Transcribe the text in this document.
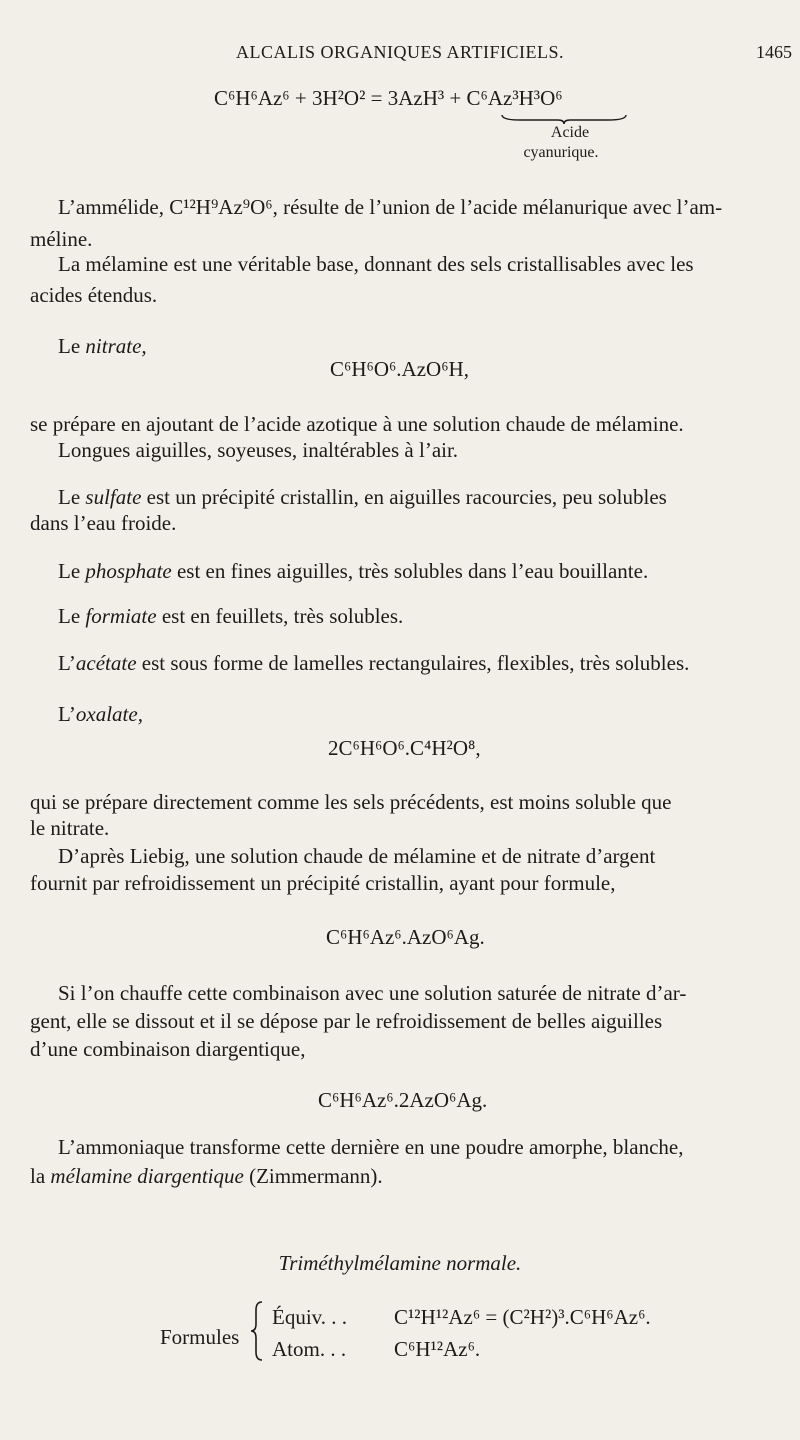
ALCALIS ORGANIQUES ARTIFICIELS.	1465
C⁶H⁶Az⁶ + 3H²O² = 3AzH³ + C⁶Az³H³O⁶
Acide
cyanurique.
L’ammélide, C¹²H⁹Az⁹O⁶, résulte de l’union de l’acide mélanurique avec l’am-
méline.
La mélamine est une véritable base, donnant des sels cristallisables avec les
acides étendus.
Le nitrate,
C⁶H⁶O⁶.AzO⁶H,
se prépare en ajoutant de l’acide azotique à une solution chaude de mélamine.
Longues aiguilles, soyeuses, inaltérables à l’air.
Le sulfate est un précipité cristallin, en aiguilles racourcies, peu solubles
dans l’eau froide.
Le phosphate est en fines aiguilles, très solubles dans l’eau bouillante.
Le formiate est en feuillets, très solubles.
L’acétate est sous forme de lamelles rectangulaires, flexibles, très solubles.
L’oxalate,
2C⁶H⁶O⁶.C⁴H²O⁸,
qui se prépare directement comme les sels précédents, est moins soluble que
le nitrate.
D’après Liebig, une solution chaude de mélamine et de nitrate d’argent
fournit par refroidissement un précipité cristallin, ayant pour formule,
C⁶H⁶Az⁶.AzO⁶Ag.
Si l’on chauffe cette combinaison avec une solution saturée de nitrate d’ar-
gent, elle se dissout et il se dépose par le refroidissement de belles aiguilles
d’une combinaison diargentique,
C⁶H⁶Az⁶.2AzO⁶Ag.
L’ammoniaque transforme cette dernière en une poudre amorphe, blanche,
la mélamine diargentique (Zimmermann).
Triméthylmélamine normale.
Formules
Équiv. . . C¹²H¹²Az⁶ = (C²H²)³.C⁶H⁶Az⁶.
Atom. . . C⁶H¹²Az⁶.
